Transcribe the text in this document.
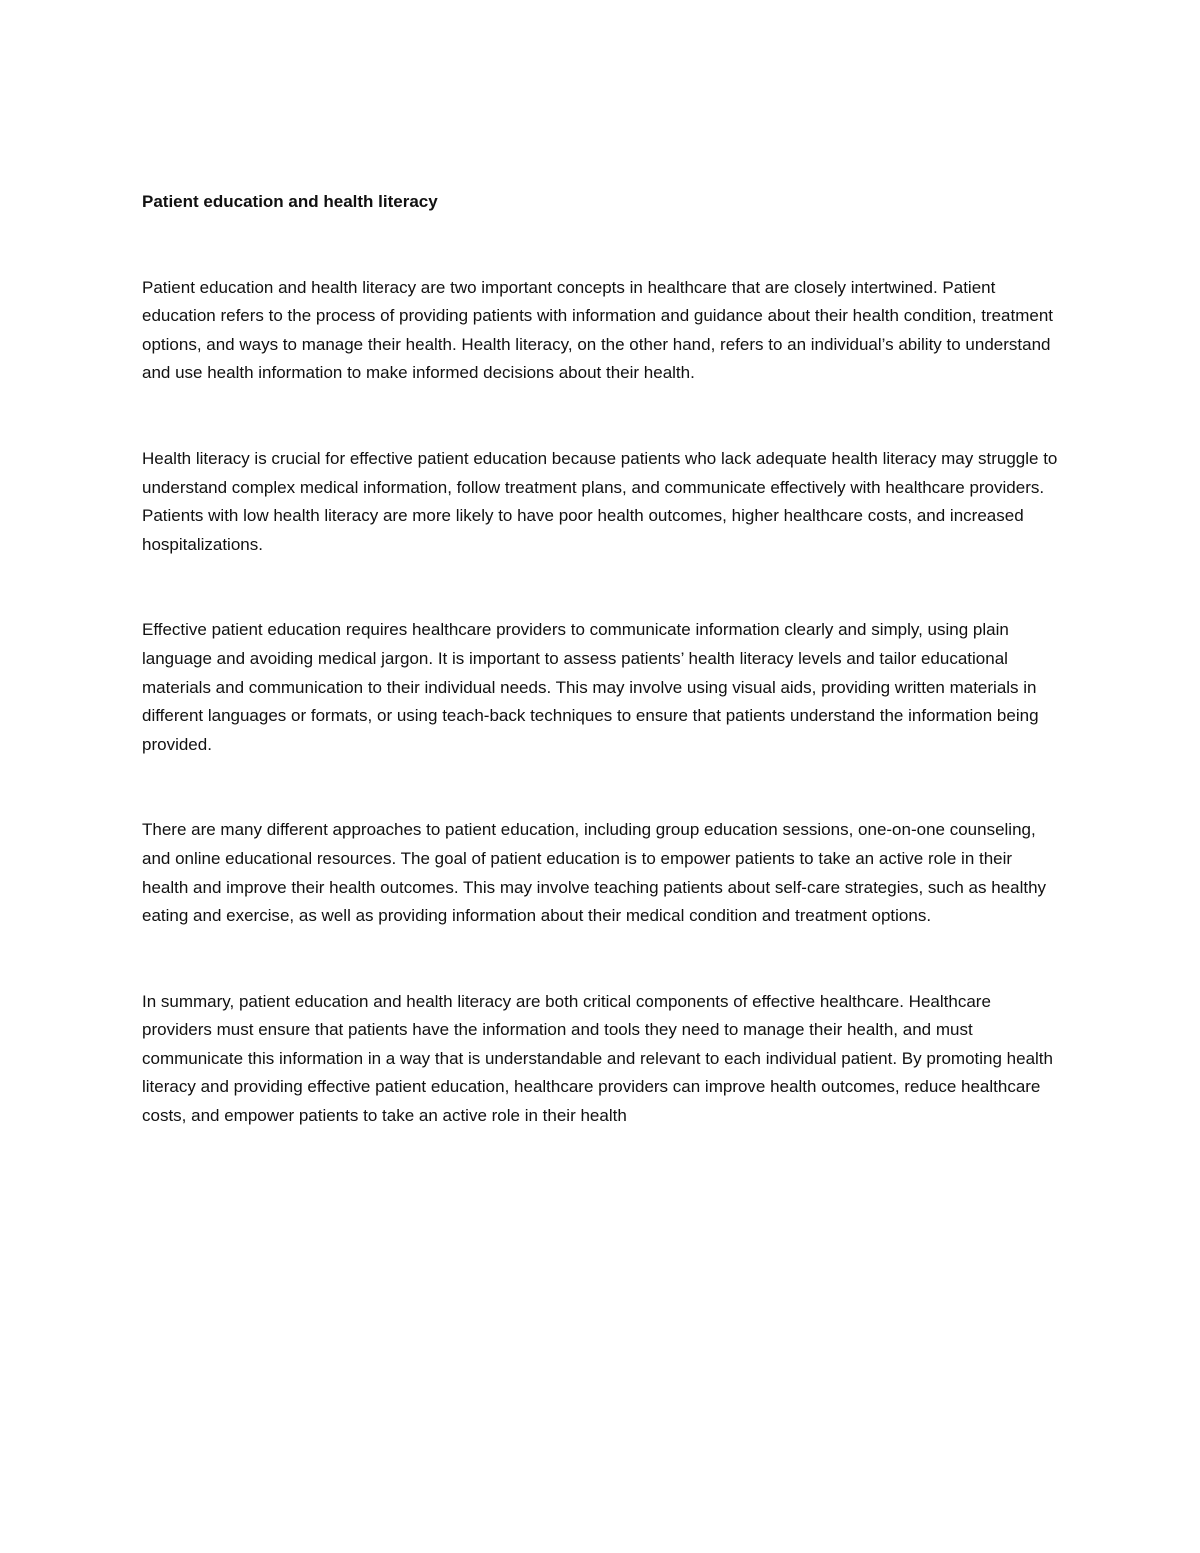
Patient education and health literacy

Patient education and health literacy are two important concepts in healthcare that are closely intertwined. Patient education refers to the process of providing patients with information and guidance about their health condition, treatment options, and ways to manage their health. Health literacy, on the other hand, refers to an individual’s ability to understand and use health information to make informed decisions about their health.

Health literacy is crucial for effective patient education because patients who lack adequate health literacy may struggle to understand complex medical information, follow treatment plans, and communicate effectively with healthcare providers. Patients with low health literacy are more likely to have poor health outcomes, higher healthcare costs, and increased hospitalizations.

Effective patient education requires healthcare providers to communicate information clearly and simply, using plain language and avoiding medical jargon. It is important to assess patients’ health literacy levels and tailor educational materials and communication to their individual needs. This may involve using visual aids, providing written materials in different languages or formats, or using teach-back techniques to ensure that patients understand the information being provided.

There are many different approaches to patient education, including group education sessions, one-on-one counseling, and online educational resources. The goal of patient education is to empower patients to take an active role in their health and improve their health outcomes. This may involve teaching patients about self-care strategies, such as healthy eating and exercise, as well as providing information about their medical condition and treatment options.

In summary, patient education and health literacy are both critical components of effective healthcare. Healthcare providers must ensure that patients have the information and tools they need to manage their health, and must communicate this information in a way that is understandable and relevant to each individual patient. By promoting health literacy and providing effective patient education, healthcare providers can improve health outcomes, reduce healthcare costs, and empower patients to take an active role in their health
